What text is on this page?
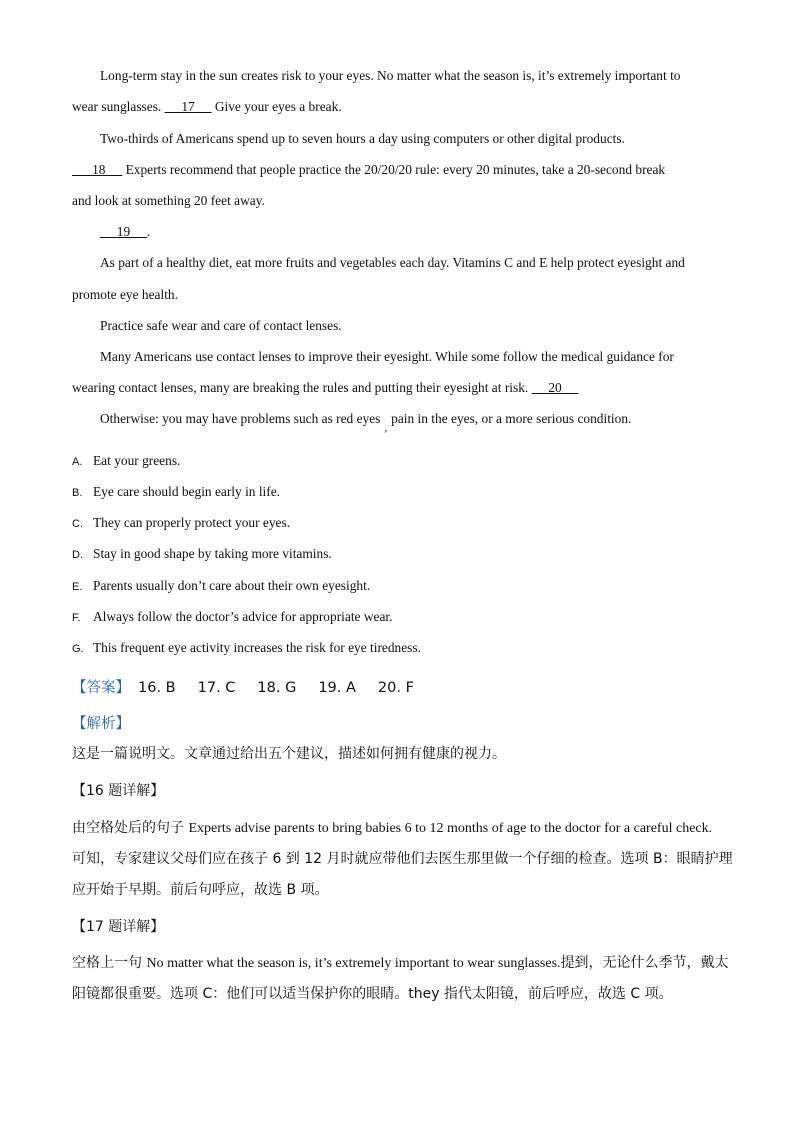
Long-term stay in the sun creates risk to your eyes. No matter what the season is, it’s extremely important to
wear sunglasses.      17      Give your eyes a break.
Two-thirds of Americans spend up to seven hours a day using computers or other digital products.
18      Experts recommend that people practice the 20/20/20 rule: every 20 minutes, take a 20-second break
and look at something 20 feet away.
19 .
As part of a healthy diet, eat more fruits and vegetables each day. Vitamins C and E help protect eyesight and
promote eye health.
Practice safe wear and care of contact lenses.
Many Americans use contact lenses to improve their eyesight. While some follow the medical guidance for
wearing contact lenses, many are breaking the rules and putting their eyesight at risk.      20
Otherwise: you may have problems such as red eyes$_,$pain in the eyes, or a more serious condition.
A. Eat your greens.
B. Eye care should begin early in life.
C. They can properly protect your eyes.
D. Stay in good shape by taking more vitamins.
E. Parents usually don’t care about their own eyesight.
F. Always follow the doctor’s advice for appropriate wear.
G. This frequent eye activity increases the risk for eye tiredness.
【答案】 16. B 17. C 18. G 19. A 20. F
【解析】
这是一篇说明文。文章通过给出五个建议，描述如何拥有健康的视力。
【16 题详解】
由空格处后的句子 Experts advise parents to bring babies 6 to 12 months of age to the doctor for a careful check.
可知，专家建议父母们应在孩子 6 到 12 月时就应带他们去医生那里做一个仔细的检查。选项 B：眼睛护理
应开始于早期。前后句呼应，故选 B 项。
【17 题详解】
空格上一句 No matter what the season is, it’s extremely important to wear sunglasses.提到，无论什么季节，戴太
阳镜都很重要。选项 C：他们可以适当保护你的眼睛。they 指代太阳镜，前后呼应，故选 C 项。
